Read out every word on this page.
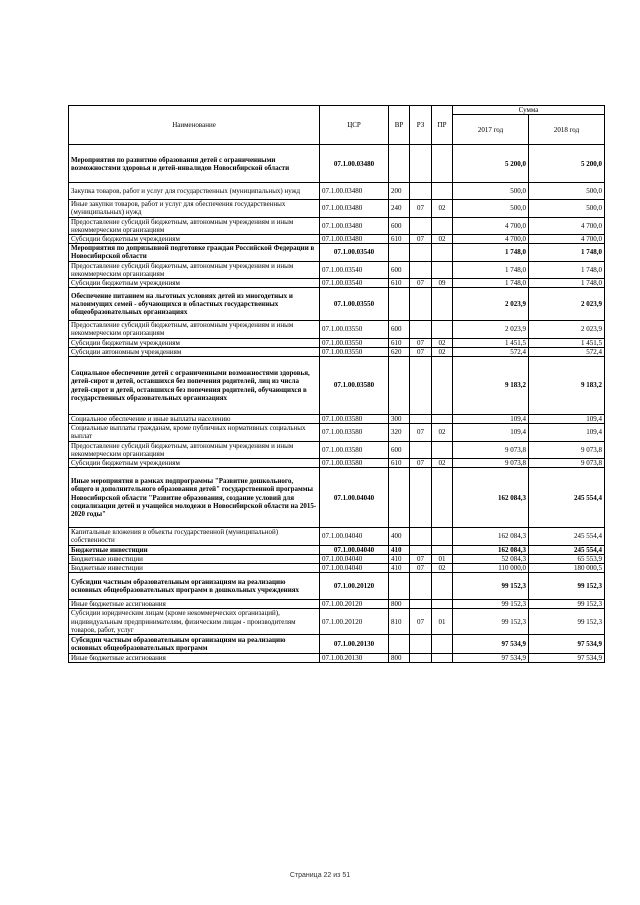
Наименование	ЦСР	ВР	РЗ	ПР	Сумма	
					2017 год	2018 год
Мероприятия по развитию образования детей с ограниченными возможностями здоровья и детей-инвалидов Новосибирской области	07.1.00.03480				5 200,0	5 200,0
Закупка товаров, работ и услуг для государственных (муниципальных) нужд	07.1.00.03480	200			500,0	500,0
Иные закупки товаров, работ и услуг для обеспечения государственных (муниципальных) нужд	07.1.00.03480	240	07	02	500,0	500,0
Предоставление субсидий бюджетным, автономным учреждениям и иным некоммерческим организациям	07.1.00.03480	600			4 700,0	4 700,0
Субсидии бюджетным учреждениям	07.1.00.03480	610	07	02	4 700,0	4 700,0
Мероприятия по допризывной подготовке граждан Российской Федерации в Новосибирской области	07.1.00.03540				1 748,0	1 748,0
Предоставление субсидий бюджетным, автономным учреждениям и иным некоммерческим организациям	07.1.00.03540	600			1 748,0	1 748,0
Субсидии бюджетным учреждениям	07.1.00.03540	610	07	09	1 748,0	1 748,0
Обеспечение питанием на льготных условиях детей из многодетных и малоимущих семей - обучающихся в областных государственных общеобразовательных организациях	07.1.00.03550				2 023,9	2 023,9
Предоставление субсидий бюджетным, автономным учреждениям и иным некоммерческим организациям	07.1.00.03550	600			2 023,9	2 023,9
Субсидии бюджетным учреждениям	07.1.00.03550	610	07	02	1 451,5	1 451,5
Субсидии автономным учреждениям	07.1.00.03550	620	07	02	572,4	572,4
Социальное обеспечение детей с ограниченными возможностями здоровья, детей-сирот и детей, оставшихся без попечения родителей, лиц из числа детей-сирот и детей, оставшихся без попечения родителей, обучающихся в государственных образовательных организациях	07.1.00.03580				9 183,2	9 183,2
Социальное обеспечение и иные выплаты населению	07.1.00.03580	300			109,4	109,4
Социальные выплаты гражданам, кроме публичных нормативных социальных выплат	07.1.00.03580	320	07	02	109,4	109,4
Предоставление субсидий бюджетным, автономным учреждениям и иным некоммерческим организациям	07.1.00.03580	600			9 073,8	9 073,8
Субсидии бюджетным учреждениям	07.1.00.03580	610	07	02	9 073,8	9 073,8
Иные мероприятия в рамках подпрограммы "Развитие дошкольного, общего и дополнительного образования детей" государственной программы Новосибирской области "Развитие образования, создание условий для социализации детей и учащейся молодежи в Новосибирской области на 2015-2020 годы"	07.1.00.04040				162 084,3	245 554,4
Капитальные вложения в объекты государственной (муниципальной) собственности	07.1.00.04040	400			162 084,3	245 554,4
Бюджетные инвестиции	07.1.00.04040	410			162 084,3	245 554,4
Бюджетные инвестиции	07.1.00.04040	410	07	01	52 084,3	65 553,9
Бюджетные инвестиции	07.1.00.04040	410	07	02	110 000,0	180 000,5
Субсидии частным образовательным организациям на реализацию основных общеобразовательных программ в дошкольных учреждениях	07.1.00.20120				99 152,3	99 152,3
Иные бюджетные ассигнования	07.1.00.20120	800			99 152,3	99 152,3
Субсидии юридическим лицам (кроме некоммерческих организаций), индивидуальным предпринимателям, физическим лицам - производителям товаров, работ, услуг	07.1.00.20120	810	07	01	99 152,3	99 152,3
Субсидии частным образовательным организациям на реализацию основных общеобразовательных программ	07.1.00.20130				97 534,9	97 534,9
Иные бюджетные ассигнования	07.1.00.20130	800			97 534,9	97 534,9
Страница 22 из 51
